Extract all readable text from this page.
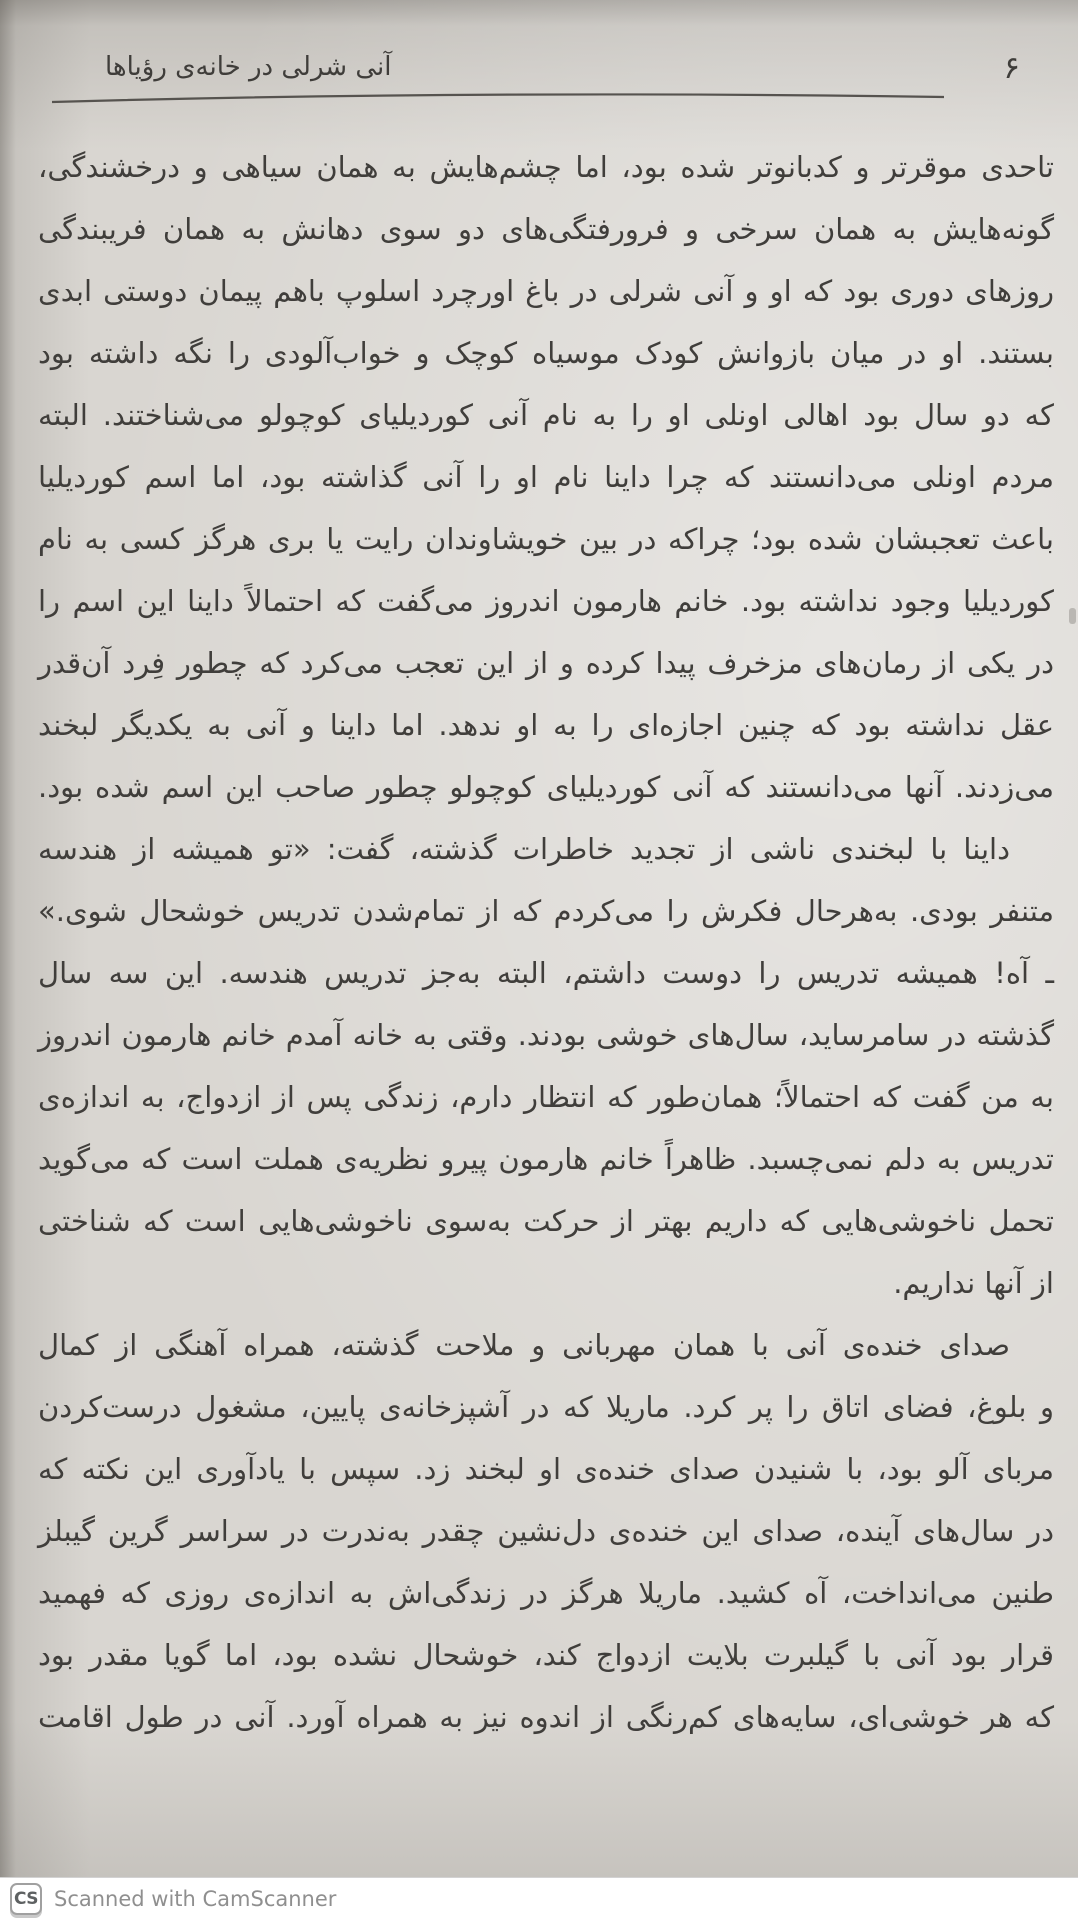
آنی شرلی در خانه‌ی رؤیاها	۶
تاحدی موقرتر و کدبانوتر شده بود، اما چشم‌هایش به همان سیاهی و درخشندگی،
گونه‌هایش به همان سرخی و فرورفتگی‌های دو سوی دهانش به همان فریبندگی
روزهای دوری بود که او و آنی شرلی در باغ اورچرد اسلوپ باهم پیمان دوستی ابدی
بستند. او در میان بازوانش کودک موسیاه کوچک و خواب‌آلودی را نگه داشته بود
که دو سال بود اهالی اونلی او را به نام آنی کوردیلیای کوچولو می‌شناختند. البته
مردم اونلی می‌دانستند که چرا داینا نام او را آنی گذاشته بود، اما اسم کوردیلیا
باعث تعجبشان شده بود؛ چراکه در بین خویشاوندان رایت یا بری هرگز کسی به نام
کوردیلیا وجود نداشته بود. خانم هارمون اندروز می‌گفت که احتمالاً داینا این اسم را
در یکی از رمان‌های مزخرف پیدا کرده و از این تعجب می‌کرد که چطور فِرد آن‌قدر
عقل نداشته بود که چنین اجازه‌ای را به او ندهد. اما داینا و آنی به یکدیگر لبخند
می‌زدند. آنها می‌دانستند که آنی کوردیلیای کوچولو چطور صاحب این اسم شده بود.
داینا با لبخندی ناشی از تجدید خاطرات گذشته، گفت: «تو همیشه از هندسه
متنفر بودی. به‌هرحال فکرش را می‌کردم که از تمام‌شدن تدریس خوشحال شوی.»
ـ آه! همیشه تدریس را دوست داشتم، البته به‌جز تدریس هندسه. این سه سال
گذشته در سامرساید، سال‌های خوشی بودند. وقتی به خانه آمدم خانم هارمون اندروز
به من گفت که احتمالاً؛ همان‌طور که انتظار دارم، زندگی پس از ازدواج، به اندازه‌ی
تدریس به دلم نمی‌چسبد. ظاهراً خانم هارمون پیرو نظریه‌ی هملت است که می‌گوید
تحمل ناخوشی‌هایی که داریم بهتر از حرکت به‌سوی ناخوشی‌هایی است که شناختی
از آنها نداریم.
صدای خنده‌ی آنی با همان مهربانی و ملاحت گذشته، همراه آهنگی از کمال
و بلوغ، فضای اتاق را پر کرد. ماریلا که در آشپزخانه‌ی پایین، مشغول درست‌کردن
مربای آلو بود، با شنیدن صدای خنده‌ی او لبخند زد. سپس با یادآوری این نکته که
در سال‌های آینده، صدای این خنده‌ی دل‌نشین چقدر به‌ندرت در سراسر گرین گیبلز
طنین می‌انداخت، آه کشید. ماریلا هرگز در زندگی‌اش به اندازه‌ی روزی که فهمید
قرار بود آنی با گیلبرت بلایت ازدواج کند، خوشحال نشده بود، اما گویا مقدر بود
که هر خوشی‌ای، سایه‌های کم‌رنگی از اندوه نیز به همراه آورد. آنی در طول اقامت
CS Scanned with CamScanner
